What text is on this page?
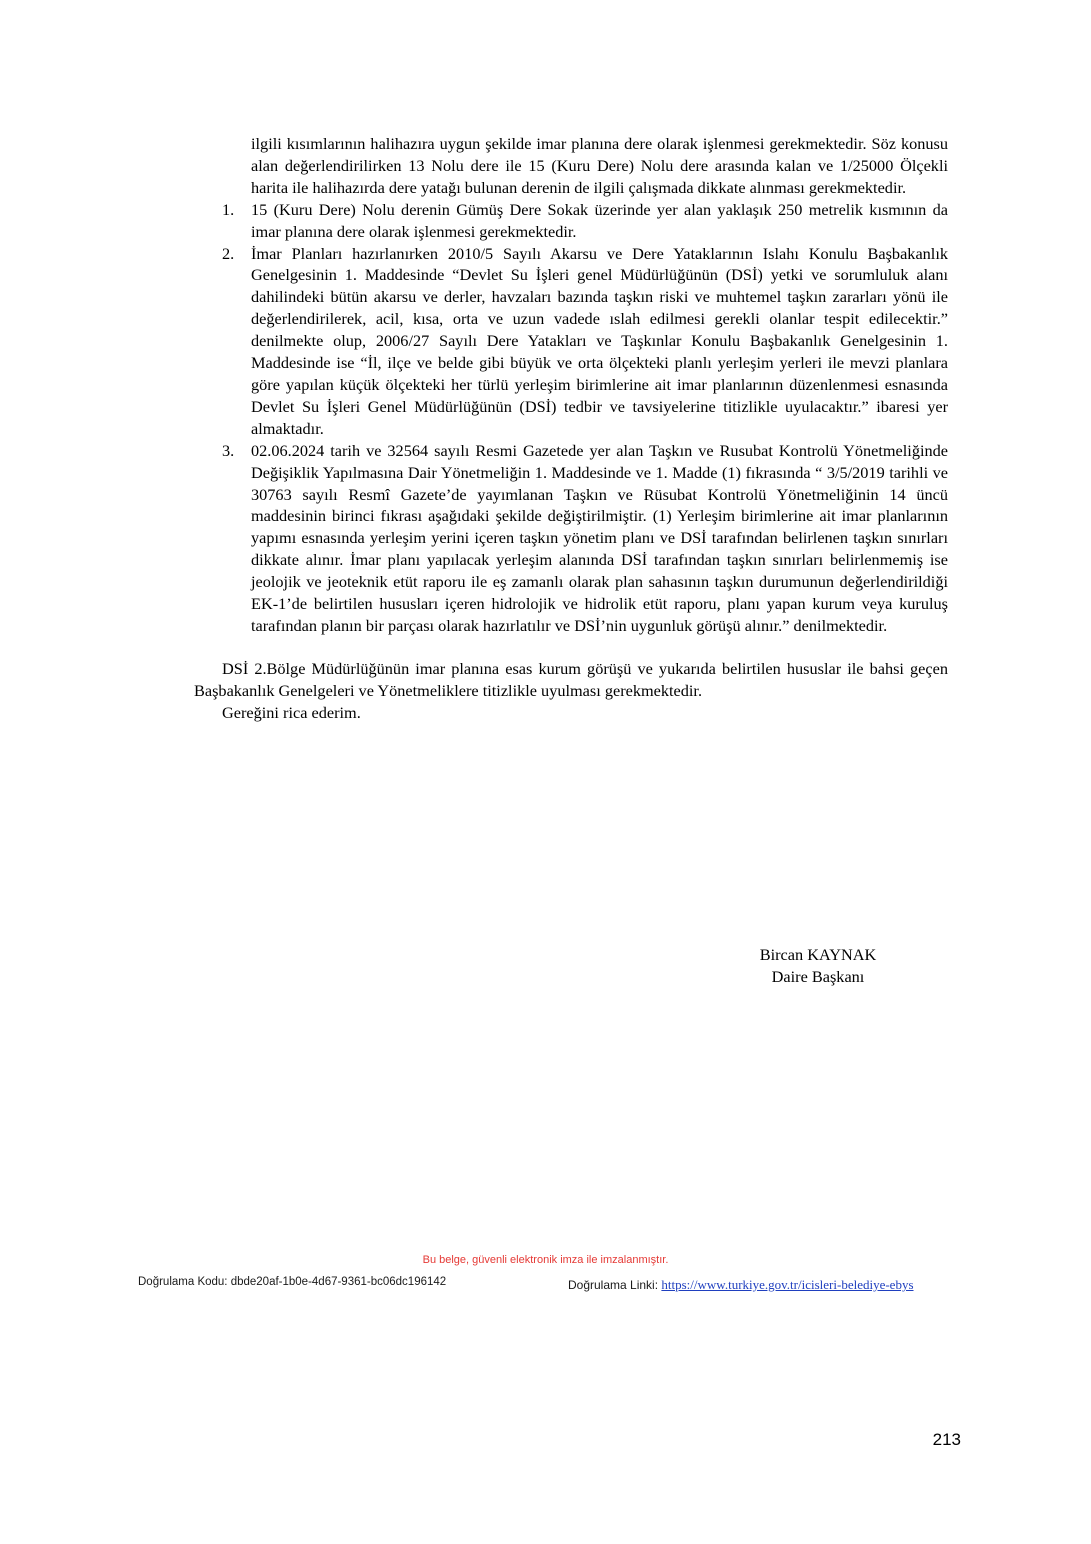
ilgili kısımlarının halihazıra uygun şekilde imar planına dere olarak işlenmesi gerekmektedir. Söz konusu alan değerlendirilirken 13 Nolu dere ile 15 (Kuru Dere) Nolu dere arasında kalan ve 1/25000 Ölçekli harita ile halihazırda dere yatağı bulunan derenin de ilgili çalışmada dikkate alınması gerekmektedir.

1.	15 (Kuru Dere) Nolu derenin Gümüş Dere Sokak üzerinde yer alan yaklaşık 250 metrelik kısmının da imar planına dere olarak işlenmesi gerekmektedir.
2.	İmar Planları hazırlanırken 2010/5 Sayılı Akarsu ve Dere Yataklarının Islahı Konulu Başbakanlık Genelgesinin 1. Maddesinde “Devlet Su İşleri genel Müdürlüğünün (DSİ) yetki ve sorumluluk alanı dahilindeki bütün akarsu ve derler, havzaları bazında taşkın riski ve muhtemel taşkın zararları yönü ile değerlendirilerek, acil, kısa, orta ve uzun vadede ıslah edilmesi gerekli olanlar tespit edilecektir.” denilmekte olup, 2006/27 Sayılı Dere Yatakları ve Taşkınlar Konulu Başbakanlık Genelgesinin 1. Maddesinde ise “İl, ilçe ve belde gibi büyük ve orta ölçekteki planlı yerleşim yerleri ile mevzi planlara göre yapılan küçük ölçekteki her türlü yerleşim birimlerine ait imar planlarının düzenlenmesi esnasında Devlet Su İşleri Genel Müdürlüğünün (DSİ) tedbir ve tavsiyelerine titizlikle uyulacaktır.” ibaresi yer almaktadır.
3.	02.06.2024 tarih ve 32564 sayılı Resmi Gazetede yer alan Taşkın ve Rusubat Kontrolü Yönetmeliğinde Değişiklik Yapılmasına Dair Yönetmeliğin 1. Maddesinde ve 1. Madde (1) fıkrasında “ 3/5/2019 tarihli ve 30763 sayılı Resmî Gazete’de yayımlanan Taşkın ve Rüsubat Kontrolü Yönetmeliğinin 14 üncü maddesinin birinci fıkrası aşağıdaki şekilde değiştirilmiştir. (1) Yerleşim birimlerine ait imar planlarının yapımı esnasında yerleşim yerini içeren taşkın yönetim planı ve DSİ tarafından belirlenen taşkın sınırları dikkate alınır. İmar planı yapılacak yerleşim alanında DSİ tarafından taşkın sınırları belirlenmemiş ise jeolojik ve jeoteknik etüt raporu ile eş zamanlı olarak plan sahasının taşkın durumunun değerlendirildiği EK-1’de belirtilen hususları içeren hidrolojik ve hidrolik etüt raporu, planı yapan kurum veya kuruluş tarafından planın bir parçası olarak hazırlatılır ve DSİ’nin uygunluk görüşü alınır.” denilmektedir.

DSİ 2.Bölge Müdürlüğünün imar planına esas kurum görüşü ve yukarıda belirtilen hususlar ile bahsi geçen Başbakanlık Genelgeleri ve Yönetmeliklere titizlikle uyulması gerekmektedir.

Gereğini rica ederim.

Bircan KAYNAK
Daire Başkanı
Bu belge, güvenli elektronik imza ile imzalanmıştır.
Doğrulama Kodu: dbde20af-1b0e-4d67-9361-bc06dc196142	Doğrulama Linki: https://www.turkiye.gov.tr/icisleri-belediye-ebys
213
